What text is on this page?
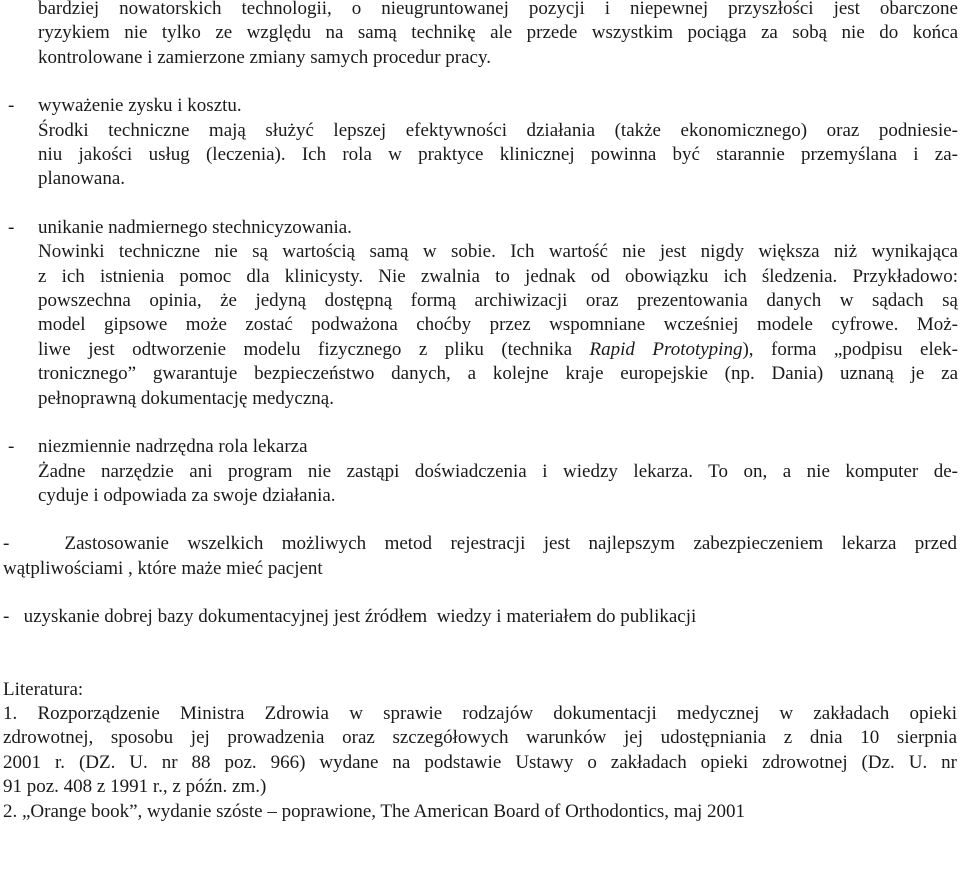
bardziej nowatorskich technologii, o nieugruntowanej pozycji i niepewnej przyszłości jest obarczone
ryzykiem nie tylko ze względu na samą technikę ale przede wszystkim pociąga za sobą nie do końca
kontrolowane i zamierzone zmiany samych procedur pracy.
- wyważenie zysku i kosztu.
Środki techniczne mają służyć lepszej efektywności działania (także ekonomicznego) oraz podniesie-
niu jakości usług (leczenia). Ich rola w praktyce klinicznej powinna być starannie przemyślana i za-
planowana.
- unikanie nadmiernego stechnicyzowania.
Nowinki techniczne nie są wartością samą w sobie. Ich wartość nie jest nigdy większa niż wynikająca
z ich istnienia pomoc dla klinicysty. Nie zwalnia to jednak od obowiązku ich śledzenia. Przykładowo:
powszechna opinia, że jedyną dostępną formą archiwizacji oraz prezentowania danych w sądach są
model gipsowe może zostać podważona choćby przez wspomniane wcześniej modele cyfrowe. Moż-
liwe jest odtworzenie modelu fizycznego z pliku (technika Rapid Prototyping), forma „podpisu elek-
tronicznego” gwarantuje bezpieczeństwo danych, a kolejne kraje europejskie (np. Dania) uznaną je za
pełnoprawną dokumentację medyczną.
- niezmiennie nadrzędna rola lekarza
Żadne narzędzie ani program nie zastąpi doświadczenia i wiedzy lekarza. To on, a nie komputer de-
cyduje i odpowiada za swoje działania.
-   Zastosowanie wszelkich możliwych metod rejestracji jest najlepszym zabezpieczeniem lekarza przed
wątpliwościami , które maże mieć pacjent
-   uzyskanie dobrej bazy dokumentacyjnej jest źródłem  wiedzy i materiałem do publikacji
Literatura:
1. Rozporządzenie Ministra Zdrowia w sprawie rodzajów dokumentacji medycznej w zakładach opieki
zdrowotnej, sposobu jej prowadzenia oraz szczegółowych warunków jej udostępniania z dnia 10 sierpnia
2001 r. (DZ. U. nr 88 poz. 966) wydane na podstawie Ustawy o zakładach opieki zdrowotnej (Dz. U. nr
91 poz. 408 z 1991 r., z późn. zm.)
2. „Orange book”, wydanie szóste – poprawione, The American Board of Orthodontics, maj 2001
